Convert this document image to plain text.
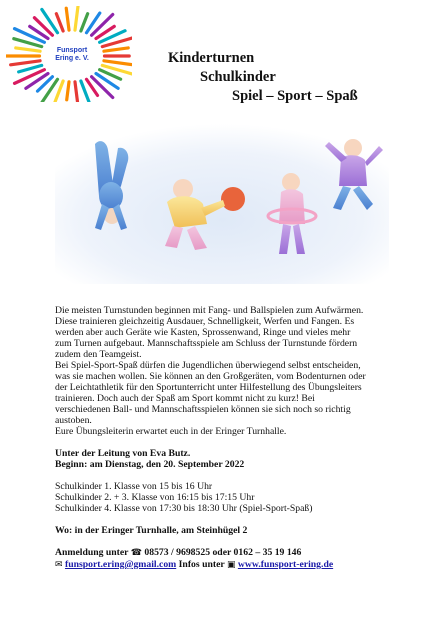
Funsport
Ering e. V.	Kinderturnen
Schulkinder
Spiel – Sport – Spaß

Die meisten Turnstunden beginnen mit Fang- und Ballspielen zum Aufwärmen.

Diese trainieren gleichzeitig Ausdauer, Schnelligkeit, Werfen und Fangen. Es

werden aber auch Geräte wie Kasten, Sprossenwand, Ringe und vieles mehr

zum Turnen aufgebaut. Mannschaftsspiele am Schluss der Turnstunde fördern

zudem den Teamgeist.

Bei Spiel-Sport-Spaß dürfen die Jugendlichen überwiegend selbst entscheiden,

was sie machen wollen. Sie können an den Großgeräten, vom Bodenturnen oder

der Leichtathletik für den Sportunterricht unter Hilfestellung des Übungsleiters

trainieren. Doch auch der Spaß am Sport kommt nicht zu kurz! Bei

verschiedenen Ball- und Mannschaftsspielen können sie sich noch so richtig

austoben.

Eure Übungsleiterin erwartet euch in der Eringer Turnhalle.

Unter der Leitung von Eva Butz.

Beginn: am Dienstag, den 20. September 2022

Schulkinder 1. Klasse von 15 bis 16 Uhr

Schulkinder 2. + 3. Klasse von 16:15 bis 17:15 Uhr

Schulkinder 4. Klasse von 17:30 bis 18:30 Uhr (Spiel-Sport-Spaß)

Wo: in der Eringer Turnhalle, am Steinhügel 2

Anmeldung unter ☎ 08573 / 9698525 oder 0162 – 35 19 146

✉ funsport.ering@gmail.com Infos unter ▣ www.funsport-ering.de
